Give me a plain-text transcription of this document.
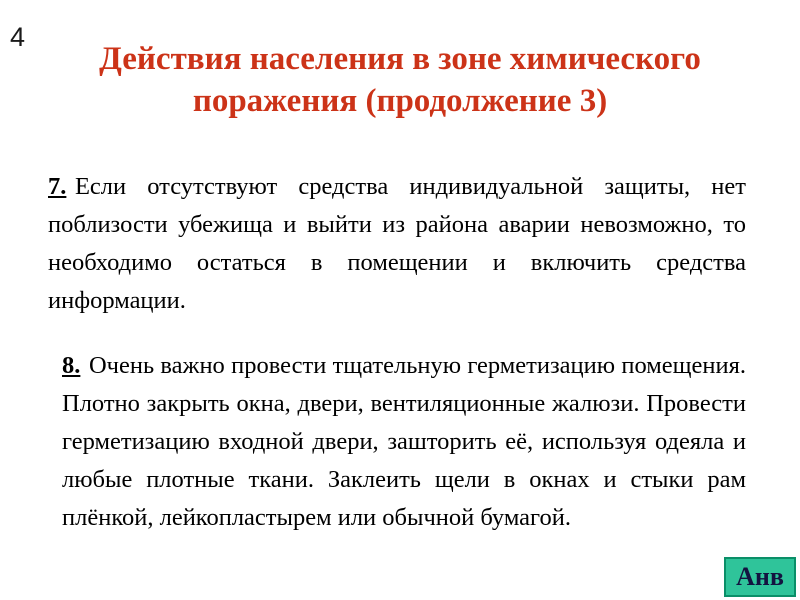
4
Действия населения в зоне химического поражения (продолжение 3)

7. Если отсутствуют средства индивидуальной защиты, нет поблизости убежища и выйти из района аварии невозможно, то необходимо остаться в помещении и включить средства информации.

8. Очень важно провести тщательную герметизацию помещения. Плотно закрыть окна, двери, вентиляционные жалюзи. Провести герметизацию входной двери, зашторить её, используя одеяла и любые плотные ткани. Заклеить щели в окнах и стыки рам плёнкой, лейкопластырем или обычной бумагой.

Анв
